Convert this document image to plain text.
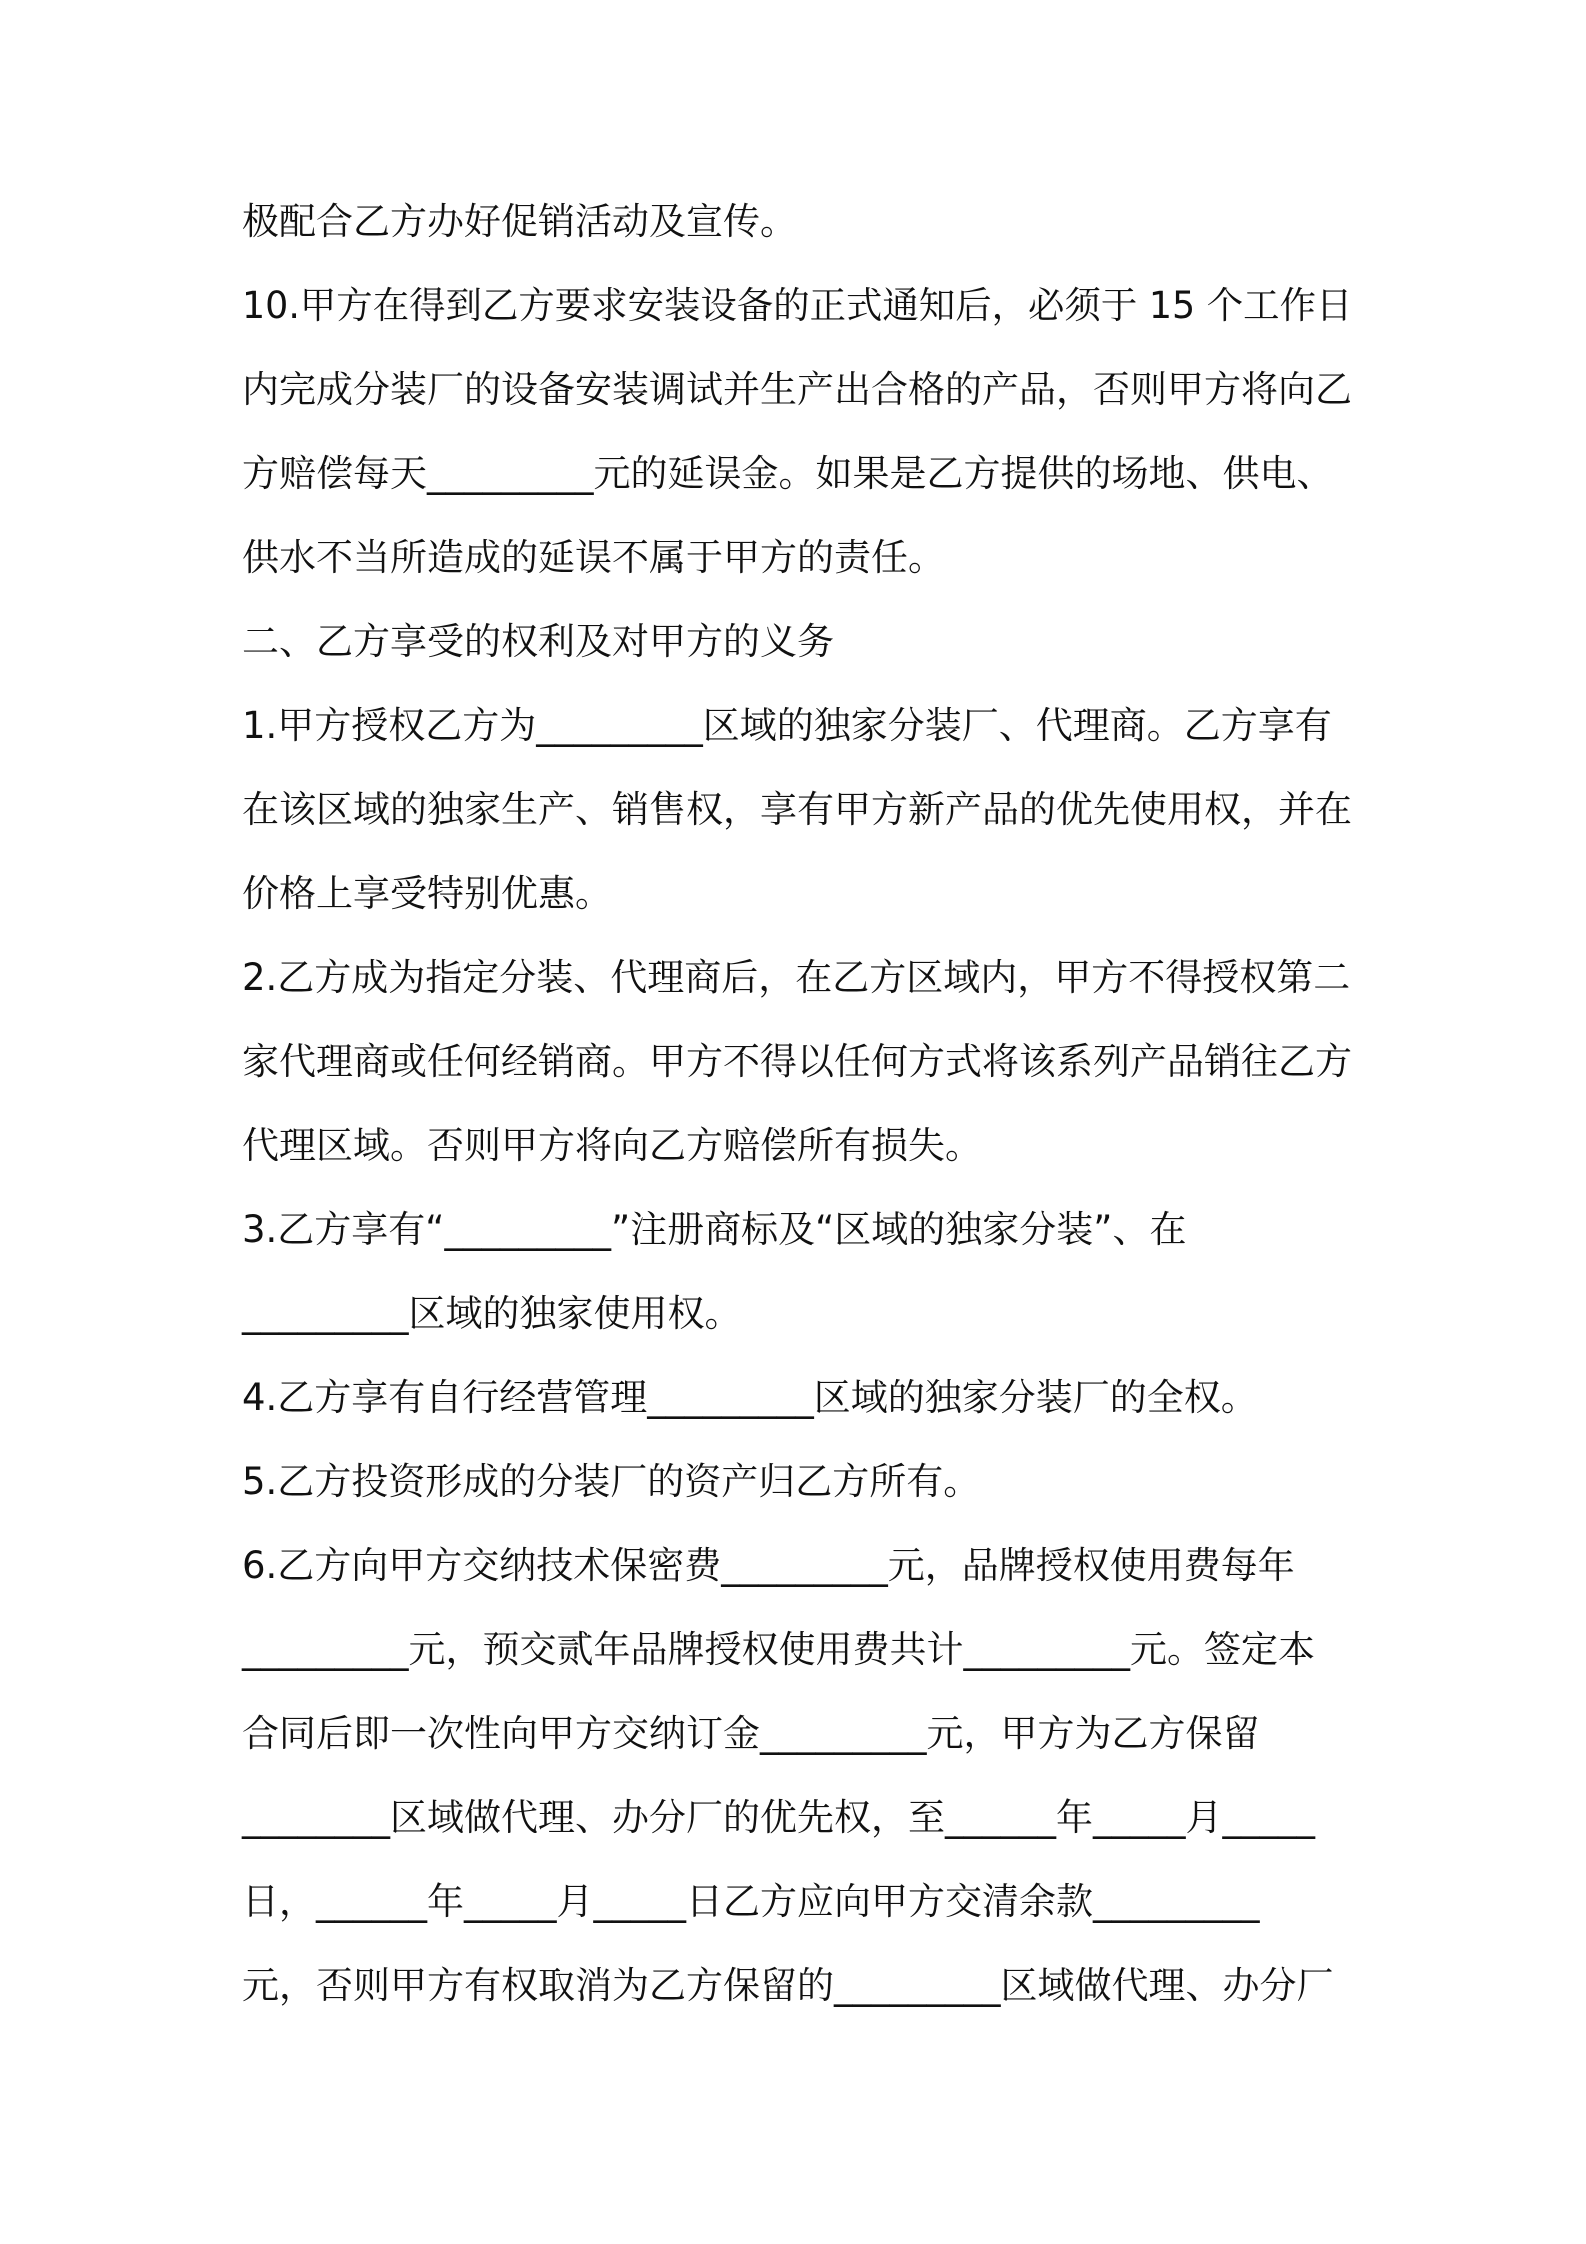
极配合乙方办好促销活动及宣传。
10.甲方在得到乙方要求安装设备的正式通知后，必须于 15 个工作日
内完成分装厂的设备安装调试并生产出合格的产品，否则甲方将向乙
方赔偿每天_________元的延误金。如果是乙方提供的场地、供电、
供水不当所造成的延误不属于甲方的责任。
二、乙方享受的权利及对甲方的义务
1.甲方授权乙方为_________区域的独家分装厂、代理商。乙方享有
在该区域的独家生产、销售权，享有甲方新产品的优先使用权，并在
价格上享受特别优惠。
2.乙方成为指定分装、代理商后，在乙方区域内，甲方不得授权第二
家代理商或任何经销商。甲方不得以任何方式将该系列产品销往乙方
代理区域。否则甲方将向乙方赔偿所有损失。
3.乙方享有“_________”注册商标及“区域的独家分装”、在
_________区域的独家使用权。
4.乙方享有自行经营管理_________区域的独家分装厂的全权。
5.乙方投资形成的分装厂的资产归乙方所有。
6.乙方向甲方交纳技术保密费_________元，品牌授权使用费每年
_________元，预交贰年品牌授权使用费共计_________元。签定本
合同后即一次性向甲方交纳订金_________元，甲方为乙方保留
________区域做代理、办分厂的优先权，至______年_____月_____
日，______年_____月_____日乙方应向甲方交清余款_________
元，否则甲方有权取消为乙方保留的_________区域做代理、办分厂
